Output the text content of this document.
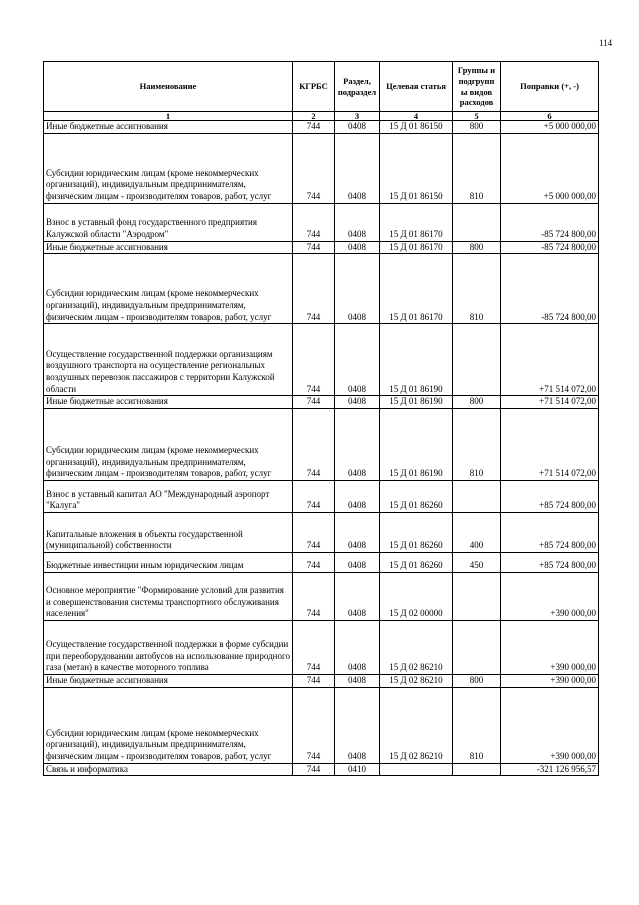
114
Наименование	КГРБС	Раздел, подраздел	Целевая статья	Группы и подгрупп ы видов расходов	Поправки (+, -)
1	2	3	4	5	6
Иные бюджетные ассигнования	744	0408	15 Д 01 86150	800	+5 000 000,00
Субсидии юридическим лицам (кроме некоммерческих организаций), индивидуальным предпринимателям, физическим лицам - производителям товаров, работ, услуг	744	0408	15 Д 01 86150	810	+5 000 000,00
Взнос в уставный фонд государственного предприятия Калужской области "Аэродром"	744	0408	15 Д 01 86170		-85 724 800,00
Иные бюджетные ассигнования	744	0408	15 Д 01 86170	800	-85 724 800,00
Субсидии юридическим лицам (кроме некоммерческих организаций), индивидуальным предпринимателям, физическим лицам - производителям товаров, работ, услуг	744	0408	15 Д 01 86170	810	-85 724 800,00
Осуществление государственной поддержки организациям воздушного транспорта на осуществление региональных воздушных перевозок пассажиров с территории Калужской области	744	0408	15 Д 01 86190		+71 514 072,00
Иные бюджетные ассигнования	744	0408	15 Д 01 86190	800	+71 514 072,00
Субсидии юридическим лицам (кроме некоммерческих организаций), индивидуальным предпринимателям, физическим лицам - производителям товаров, работ, услуг	744	0408	15 Д 01 86190	810	+71 514 072,00
Взнос в уставный капитал АО "Международный аэропорт "Калуга"	744	0408	15 Д 01 86260		+85 724 800,00
Капитальные вложения в объекты государственной (муниципальной) собственности	744	0408	15 Д 01 86260	400	+85 724 800,00
Бюджетные инвестиции иным юридическим лицам	744	0408	15 Д 01 86260	450	+85 724 800,00
Основное мероприятие "Формирование условий для развития и совершенствования системы транспортного обслуживания населения"	744	0408	15 Д 02 00000		+390 000,00
Осуществление государственной поддержки в форме субсидии при переоборудовании автобусов на использование природного газа (метан) в качестве моторного топлива	744	0408	15 Д 02 86210		+390 000,00
Иные бюджетные ассигнования	744	0408	15 Д 02 86210	800	+390 000,00
Субсидии юридическим лицам (кроме некоммерческих организаций), индивидуальным предпринимателям, физическим лицам - производителям товаров, работ, услуг	744	0408	15 Д 02 86210	810	+390 000,00
Связь и информатика	744	0410			-321 126 956,57
